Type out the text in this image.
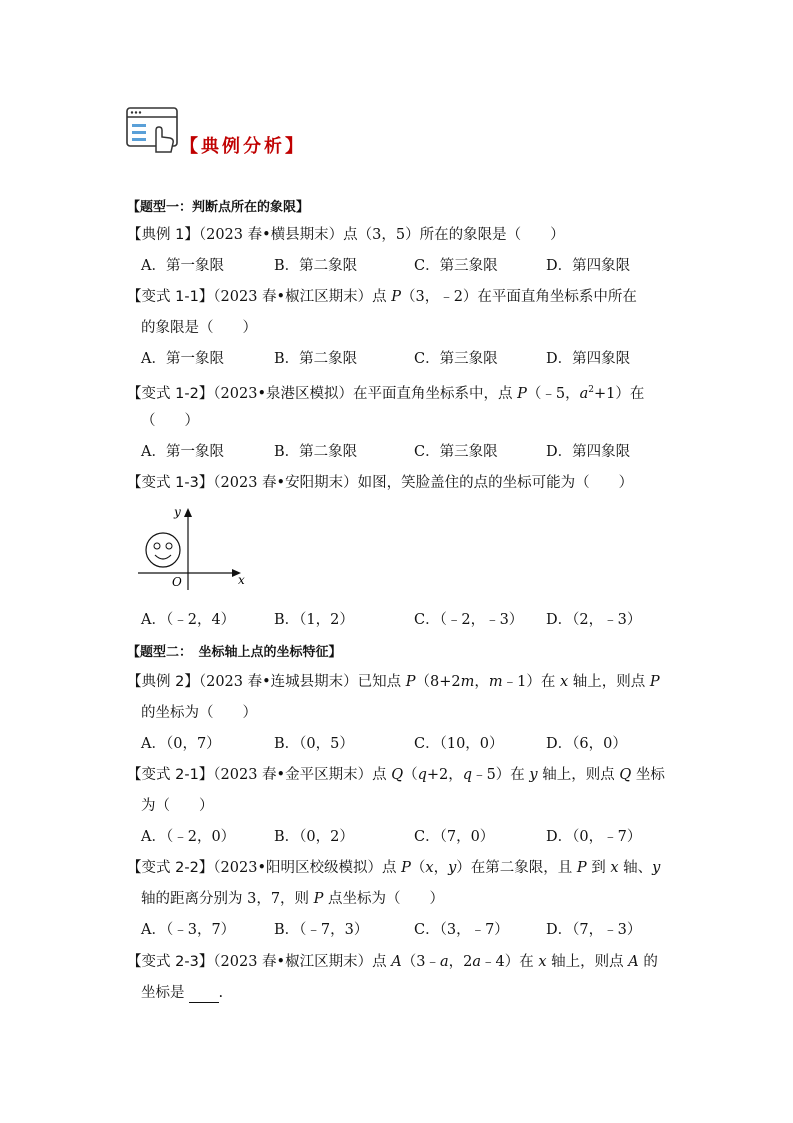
【典例分析】
【题型一：判断点所在的象限】
【典例 1】（2023 春•横县期末）点（3，5）所在的象限是（　　）
A．第一象限	B．第二象限	C．第三象限	D．第四象限
【变式 1-1】（2023 春•椒江区期末）点 P（3，﹣2）在平面直角坐标系中所在
的象限是（　　）
A．第一象限	B．第二象限	C．第三象限	D．第四象限
【变式 1-2】（2023•泉港区模拟）在平面直角坐标系中，点 P（﹣5，$a^2+1$）在
（　　）
A．第一象限	B．第二象限	C．第三象限	D．第四象限
【变式 1-3】（2023 春•安阳期末）如图，笑脸盖住的点的坐标可能为（　　）
y
x
O
A．（﹣2，4）	B．（1，2）	C．（﹣2，﹣3） D．（2，﹣3）
【题型二：　坐标轴上点的坐标特征】
【典例 2】（2023 春•连城县期末）已知点 P（8+2m，m﹣1）在 x 轴上，则点 P
的坐标为（　　）
A．（0，7）	B．（0，5）	C．（10，0）	D．（6，0）
【变式 2-1】（2023 春•金平区期末）点 Q（q+2，q﹣5）在 y 轴上，则点 Q 坐标
为（　　）
A．（﹣2，0）	B．（0，2）	C．（7，0）	D．（0，﹣7）
【变式 2-2】（2023•阳明区校级模拟）点 P（x，y）在第二象限，且 P 到 x 轴、y
轴的距离分别为 3，7，则 P 点坐标为（　　）
A．（﹣3，7）	B．（﹣7，3）	C．（3，﹣7）	D．（7，﹣3）
【变式 2-3】（2023 春•椒江区期末）点 A（3﹣a，2a﹣4）在 x 轴上，则点 A 的
坐标是 .
